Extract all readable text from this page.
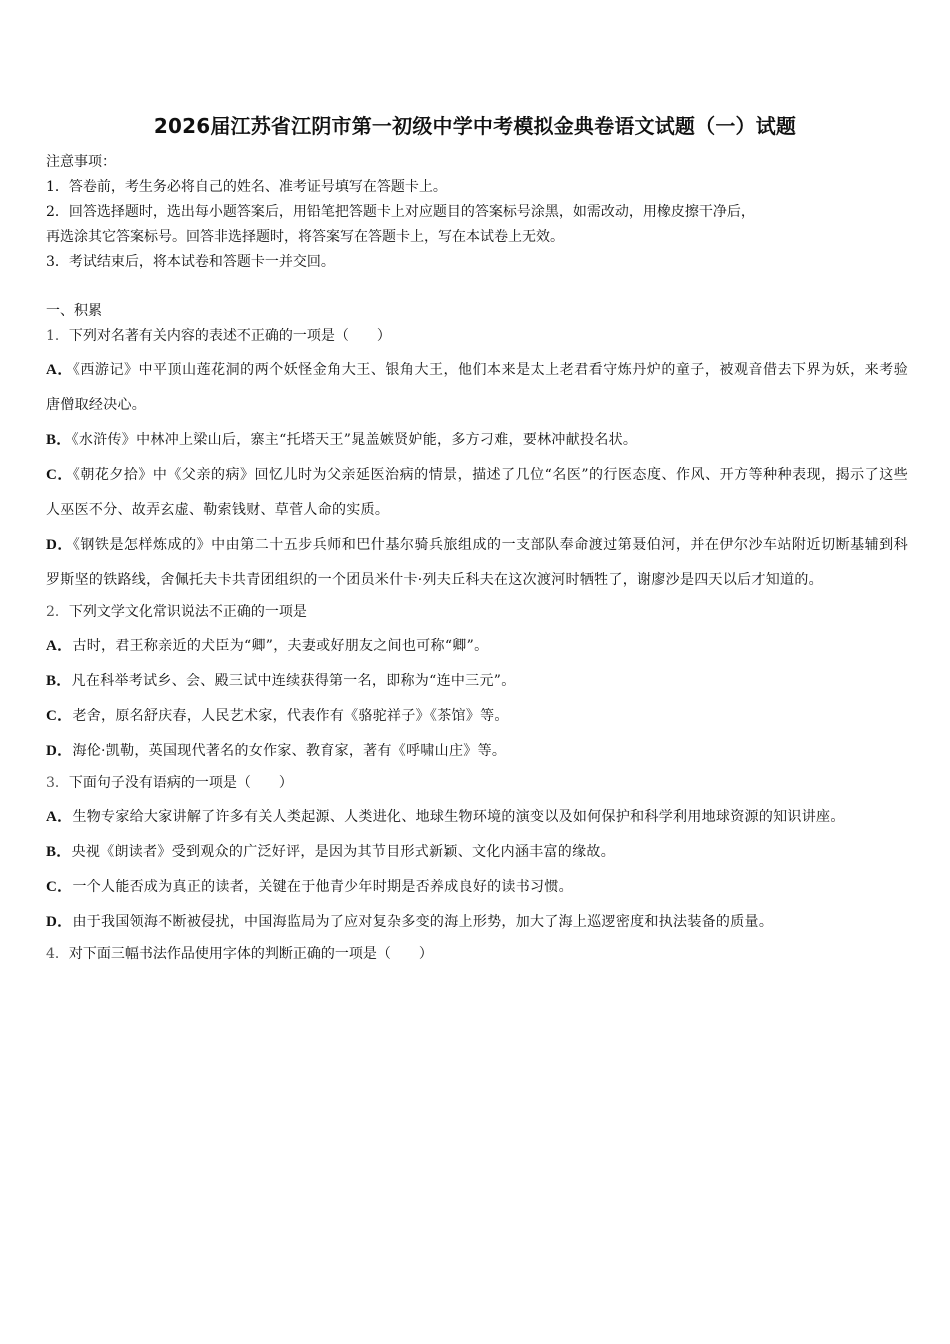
2026届江苏省江阴市第一初级中学中考模拟金典卷语文试题（一）试题
注意事项：
1．答卷前，考生务必将自己的姓名、准考证号填写在答题卡上。
2．回答选择题时，选出每小题答案后，用铅笔把答题卡上对应题目的答案标号涂黑，如需改动，用橡皮擦干净后，
再选涂其它答案标号。回答非选择题时，将答案写在答题卡上，写在本试卷上无效。
3．考试结束后，将本试卷和答题卡一并交回。
一、积累
1．下列对名著有关内容的表述不正确的一项是（　　）
A．《西游记》中平顶山莲花洞的两个妖怪金角大王、银角大王，他们本来是太上老君看守炼丹炉的童子，被观音借去下界为妖，来考验唐僧取经决心。
B．《水浒传》中林冲上梁山后，寨主“托塔天王”晁盖嫉贤妒能，多方刁难，要林冲献投名状。
C．《朝花夕拾》中《父亲的病》回忆儿时为父亲延医治病的情景，描述了几位“名医”的行医态度、作风、开方等种种表现，揭示了这些人巫医不分、故弄玄虚、勒索钱财、草菅人命的实质。
D．《钢铁是怎样炼成的》中由第二十五步兵师和巴什基尔骑兵旅组成的一支部队奉命渡过第聂伯河，并在伊尔沙车站附近切断基辅到科罗斯坚的铁路线，舍佩托夫卡共青团组织的一个团员米什卡·列夫丘科夫在这次渡河时牺牲了，谢廖沙是四天以后才知道的。
2．下列文学文化常识说法不正确的一项是
A．古时，君王称亲近的犬臣为“卿”，夫妻或好朋友之间也可称“卿”。
B．凡在科举考试乡、会、殿三试中连续获得第一名，即称为“连中三元”。
C．老舍，原名舒庆春，人民艺术家，代表作有《骆驼祥子》《茶馆》等。
D．海伦·凯勒，英国现代著名的女作家、教育家，著有《呼啸山庄》等。
3．下面句子没有语病的一项是（　　）
A．生物专家给大家讲解了许多有关人类起源、人类进化、地球生物环境的演变以及如何保护和科学利用地球资源的知识讲座。
B．央视《朗读者》受到观众的广泛好评，是因为其节目形式新颖、文化内涵丰富的缘故。
C．一个人能否成为真正的读者，关键在于他青少年时期是否养成良好的读书习惯。
D．由于我国领海不断被侵扰，中国海监局为了应对复杂多变的海上形势，加大了海上巡逻密度和执法装备的质量。
4．对下面三幅书法作品使用字体的判断正确的一项是（　　）
